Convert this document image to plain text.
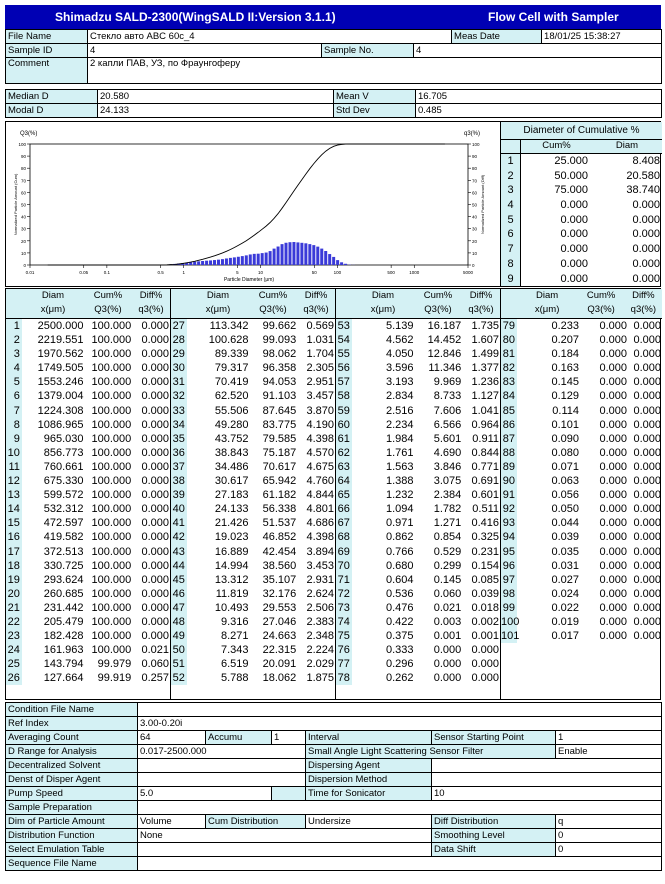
Shimadzu SALD-2300(WingSALD II:Version 3.1.1)	Flow Cell with Sampler
File Name	Стекло авто ABC 60c_4			Meas Date	18/01/25 15:38:27
Sample ID	4	Sample No.	4		
Comment	2 капли ПАВ, УЗ, по Фраунгоферу				
Median D	20.580	Mean V	16.705
Modal D	24.133	Std Dev	0.485
0	0
10	10
20	20
30	30
40	40
50	50
60	60
70	70
80	80
90	90
100	100
0.01	0.05	0.1	0.5	1	5	10	50	100	500	1000	5000
Particle Diameter (μm)
Q3(%)	q3(%)
Normalized Particle Amount (Cum)	Normalized Particle Amount (Diff)
Diameter of Cumulative %
Cum%	Diam
1	25.000	8.408
2	50.000	20.580
3	75.000	38.740
4	0.000	0.000
5	0.000	0.000
6	0.000	0.000
7	0.000	0.000
8	0.000	0.000
9	0.000	0.000

Diam
x(μm)
Cum%
Q3(%)
Diff%
q3(%)
1	2500.000 100.000 0.000
2	2219.551 100.000 0.000
3	1970.562 100.000 0.000
4	1749.505 100.000 0.000
5	1553.246 100.000 0.000
6	1379.004 100.000 0.000
7	1224.308 100.000 0.000
8	1086.965 100.000 0.000
9	965.030 100.000 0.000
10	856.773 100.000 0.000
11	760.661 100.000 0.000
12	675.330 100.000 0.000
13	599.572 100.000 0.000
14	532.312 100.000 0.000
15	472.597 100.000 0.000
16	419.582 100.000 0.000
17	372.513 100.000 0.000
18	330.725 100.000 0.000
19	293.624 100.000 0.000
20	260.685 100.000 0.000
21	231.442 100.000 0.000
22	205.479 100.000 0.000
23	182.428 100.000 0.000
24	161.963 100.000 0.021
25	143.794	99.979 0.060
26	127.664	99.919 0.257

Diam
x(μm)
Cum%
Q3(%)
Diff%
q3(%)
27	113.342	99.662 0.569
28	100.628	99.093 1.031
29	89.339	98.062 1.704
30	79.317	96.358 2.305
31	70.419	94.053 2.951
32	62.520	91.103 3.457
33	55.506	87.645 3.870
34	49.280	83.775 4.190
35	43.752	79.585 4.398
36	38.843	75.187 4.570
37	34.486	70.617 4.675
38	30.617	65.942 4.760
39	27.183	61.182 4.844
40	24.133	56.338 4.801
41	21.426	51.537 4.686
42	19.023	46.852 4.398
43	16.889	42.454 3.894
44	14.994	38.560 3.453
45	13.312	35.107 2.931
46	11.819	32.176 2.624
47	10.493	29.553 2.506
48	9.316	27.046 2.383
49	8.271	24.663 2.348
50	7.343	22.315 2.224
51	6.519	20.091 2.029
52	5.788	18.062 1.875

Diam
x(μm)
Cum%
Q3(%)
Diff%
q3(%)
53	5.139	16.187 1.735
54	4.562	14.452 1.607
55	4.050	12.846 1.499
56	3.596	11.346 1.377
57	3.193	9.969 1.236
58	2.834	8.733 1.127
59	2.516	7.606 1.041
60	2.234	6.566 0.964
61	1.984	5.601	0.911
62	1.761	4.690 0.844
63	1.563	3.846 0.771
64	1.388	3.075 0.691
65	1.232	2.384 0.601
66	1.094	1.782	0.511
67	0.971	1.271 0.416
68	0.862	0.854 0.325
69	0.766	0.529 0.231
70	0.680	0.299 0.154
71	0.604	0.145 0.085
72	0.536	0.060 0.039
73	0.476	0.021 0.018
74	0.422	0.003 0.002
75	0.375	0.001 0.001
76	0.333	0.000 0.000
77	0.296	0.000 0.000
78	0.262	0.000 0.000

Diam
x(μm)
Cum%
Q3(%)
Diff%
q3(%)
79	0.233	0.000 0.000
80	0.207	0.000 0.000
81	0.184	0.000 0.000
82	0.163	0.000 0.000
83	0.145	0.000 0.000
84	0.129	0.000 0.000
85	0.114	0.000 0.000
86	0.101	0.000 0.000
87	0.090	0.000 0.000
88	0.080	0.000 0.000
89	0.071	0.000 0.000
90	0.063	0.000 0.000
91	0.056	0.000 0.000
92	0.050	0.000 0.000
93	0.044	0.000 0.000
94	0.039	0.000 0.000
95	0.035	0.000 0.000
96	0.031	0.000 0.000
97	0.027	0.000 0.000
98	0.024	0.000 0.000
99	0.022	0.000 0.000
100	0.019	0.000 0.000
101	0.017	0.000 0.000
Condition File Name						
Ref Index	3.00-0.20i					
Averaging Count	64	Accumu	1	Interval	Sensor Starting Point	1
D Range for Analysis	0.017-2500.000			Small Angle Light Scattering Sensor Filter		Enable
Decentralized Solvent				Dispersing Agent		
Denst of Disper Agent				Dispersion Method		
Pump Speed	5.0			Time for Sonicator	10	
Sample Preparation						
Dim of Particle Amount	Volume	Cum Distribution		Undersize	Diff Distribution	q
Distribution Function	None				Smoothing Level	0
Select Emulation Table					Data Shift	0
Sequence File Name						
